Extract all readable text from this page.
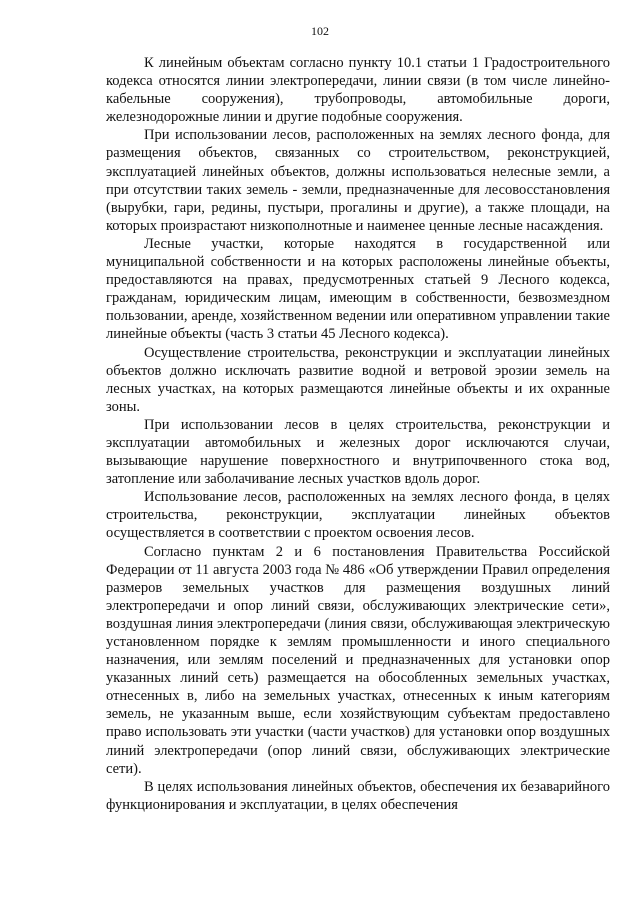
102

К линейным объектам согласно пункту 10.1 статьи 1 Градостроительного кодекса относятся линии электропередачи, линии связи (в том числе линейно-кабельные сооружения), трубопроводы, автомобильные дороги, железнодорожные линии и другие подобные сооружения.

При использовании лесов, расположенных на землях лесного фонда, для размещения объектов, связанных со строительством, реконструкцией, эксплуатацией линейных объектов, должны использоваться нелесные земли, а при отсутствии таких земель - земли, предназначенные для лесовосстановления (вырубки, гари, редины, пустыри, прогалины и другие), а также площади, на которых произрастают низкополнотные и наименее ценные лесные насаждения.

Лесные участки, которые находятся в государственной или муниципальной собственности и на которых расположены линейные объекты, предоставляются на правах, предусмотренных статьей 9 Лесного кодекса, гражданам, юридическим лицам, имеющим в собственности, безвозмездном пользовании, аренде, хозяйственном ведении или оперативном управлении такие линейные объекты (часть 3 статьи 45 Лесного кодекса).

Осуществление строительства, реконструкции и эксплуатации линейных объектов должно исключать развитие водной и ветровой эрозии земель на лесных участках, на которых размещаются линейные объекты и их охранные зоны.

При использовании лесов в целях строительства, реконструкции и эксплуатации автомобильных и железных дорог исключаются случаи, вызывающие нарушение поверхностного и внутрипочвенного стока вод, затопление или заболачивание лесных участков вдоль дорог.

Использование лесов, расположенных на землях лесного фонда, в целях строительства, реконструкции, эксплуатации линейных объектов осуществляется в соответствии с проектом освоения лесов.

Согласно пунктам 2 и 6 постановления Правительства Российской Федерации от 11 августа 2003 года № 486 «Об утверждении Правил определения размеров земельных участков для размещения воздушных линий электропередачи и опор линий связи, обслуживающих электрические сети», воздушная линия электропередачи (линия связи, обслуживающая электрическую установленном порядке к землям промышленности и иного специального назначения, или землям поселений и предназначенных для установки опор указанных линий сеть) размещается на обособленных земельных участках, отнесенных в, либо на земельных участках, отнесенных к иным категориям земель, не указанным выше, если хозяйствующим субъектам предоставлено право использовать эти участки (части участков) для установки опор воздушных линий электропередачи (опор линий связи, обслуживающих электрические сети).

В целях использования линейных объектов, обеспечения их безаварийного функционирования и эксплуатации, в целях обеспечения
